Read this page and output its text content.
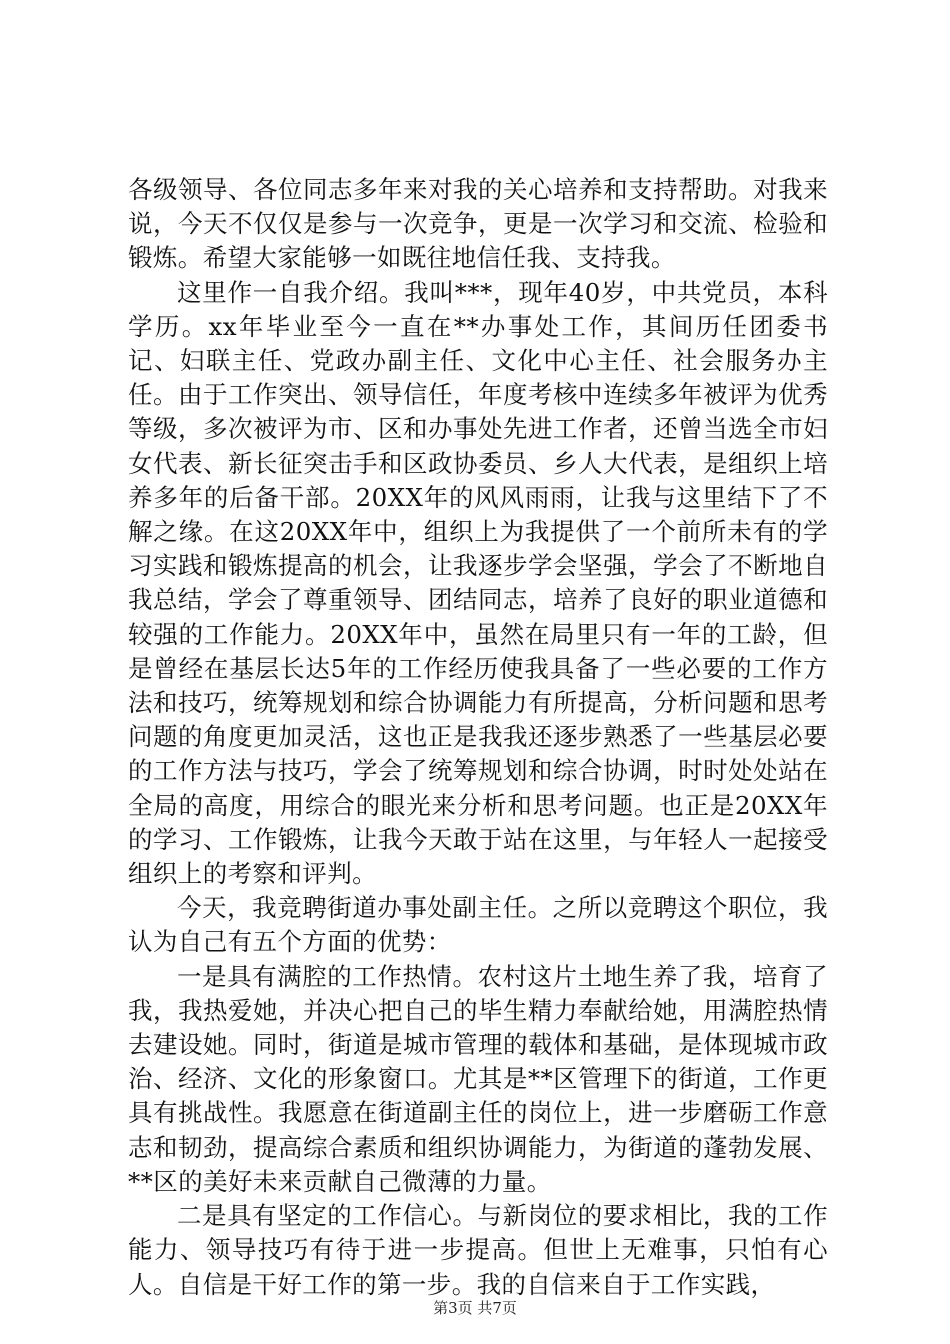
各级领导、各位同志多年来对我的关心培养和支持帮助。对我来说，今天不仅仅是参与一次竞争，更是一次学习和交流、检验和锻炼。希望大家能够一如既往地信任我、支持我。

这里作一自我介绍。我叫***，现年40岁，中共党员，本科学历。xx年毕业至今一直在**办事处工作，其间历任团委书记、妇联主任、党政办副主任、文化中心主任、社会服务办主任。由于工作突出、领导信任，年度考核中连续多年被评为优秀等级，多次被评为市、区和办事处先进工作者，还曾当选全市妇女代表、新长征突击手和区政协委员、乡人大代表，是组织上培养多年的后备干部。20XX年的风风雨雨，让我与这里结下了不解之缘。在这20XX年中，组织上为我提供了一个前所未有的学习实践和锻炼提高的机会，让我逐步学会坚强，学会了不断地自我总结，学会了尊重领导、团结同志，培养了良好的职业道德和较强的工作能力。20XX年中，虽然在局里只有一年的工龄，但是曾经在基层长达5年的工作经历使我具备了一些必要的工作方法和技巧，统筹规划和综合协调能力有所提高，分析问题和思考问题的角度更加灵活，这也正是我我还逐步熟悉了一些基层必要的工作方法与技巧，学会了统筹规划和综合协调，时时处处站在全局的高度，用综合的眼光来分析和思考问题。也正是20XX年的学习、工作锻炼，让我今天敢于站在这里，与年轻人一起接受组织上的考察和评判。

今天，我竞聘街道办事处副主任。之所以竞聘这个职位，我认为自己有五个方面的优势：

一是具有满腔的工作热情。农村这片土地生养了我，培育了我，我热爱她，并决心把自己的毕生精力奉献给她，用满腔热情去建设她。同时，街道是城市管理的载体和基础，是体现城市政治、经济、文化的形象窗口。尤其是**区管理下的街道，工作更具有挑战性。我愿意在街道副主任的岗位上，进一步磨砺工作意志和韧劲，提高综合素质和组织协调能力，为街道的蓬勃发展、**区的美好未来贡献自己微薄的力量。

二是具有坚定的工作信心。与新岗位的要求相比，我的工作能力、领导技巧有待于进一步提高。但世上无难事，只怕有心人。自信是干好工作的第一步。我的自信来自于工作实践，

第3页 共7页
